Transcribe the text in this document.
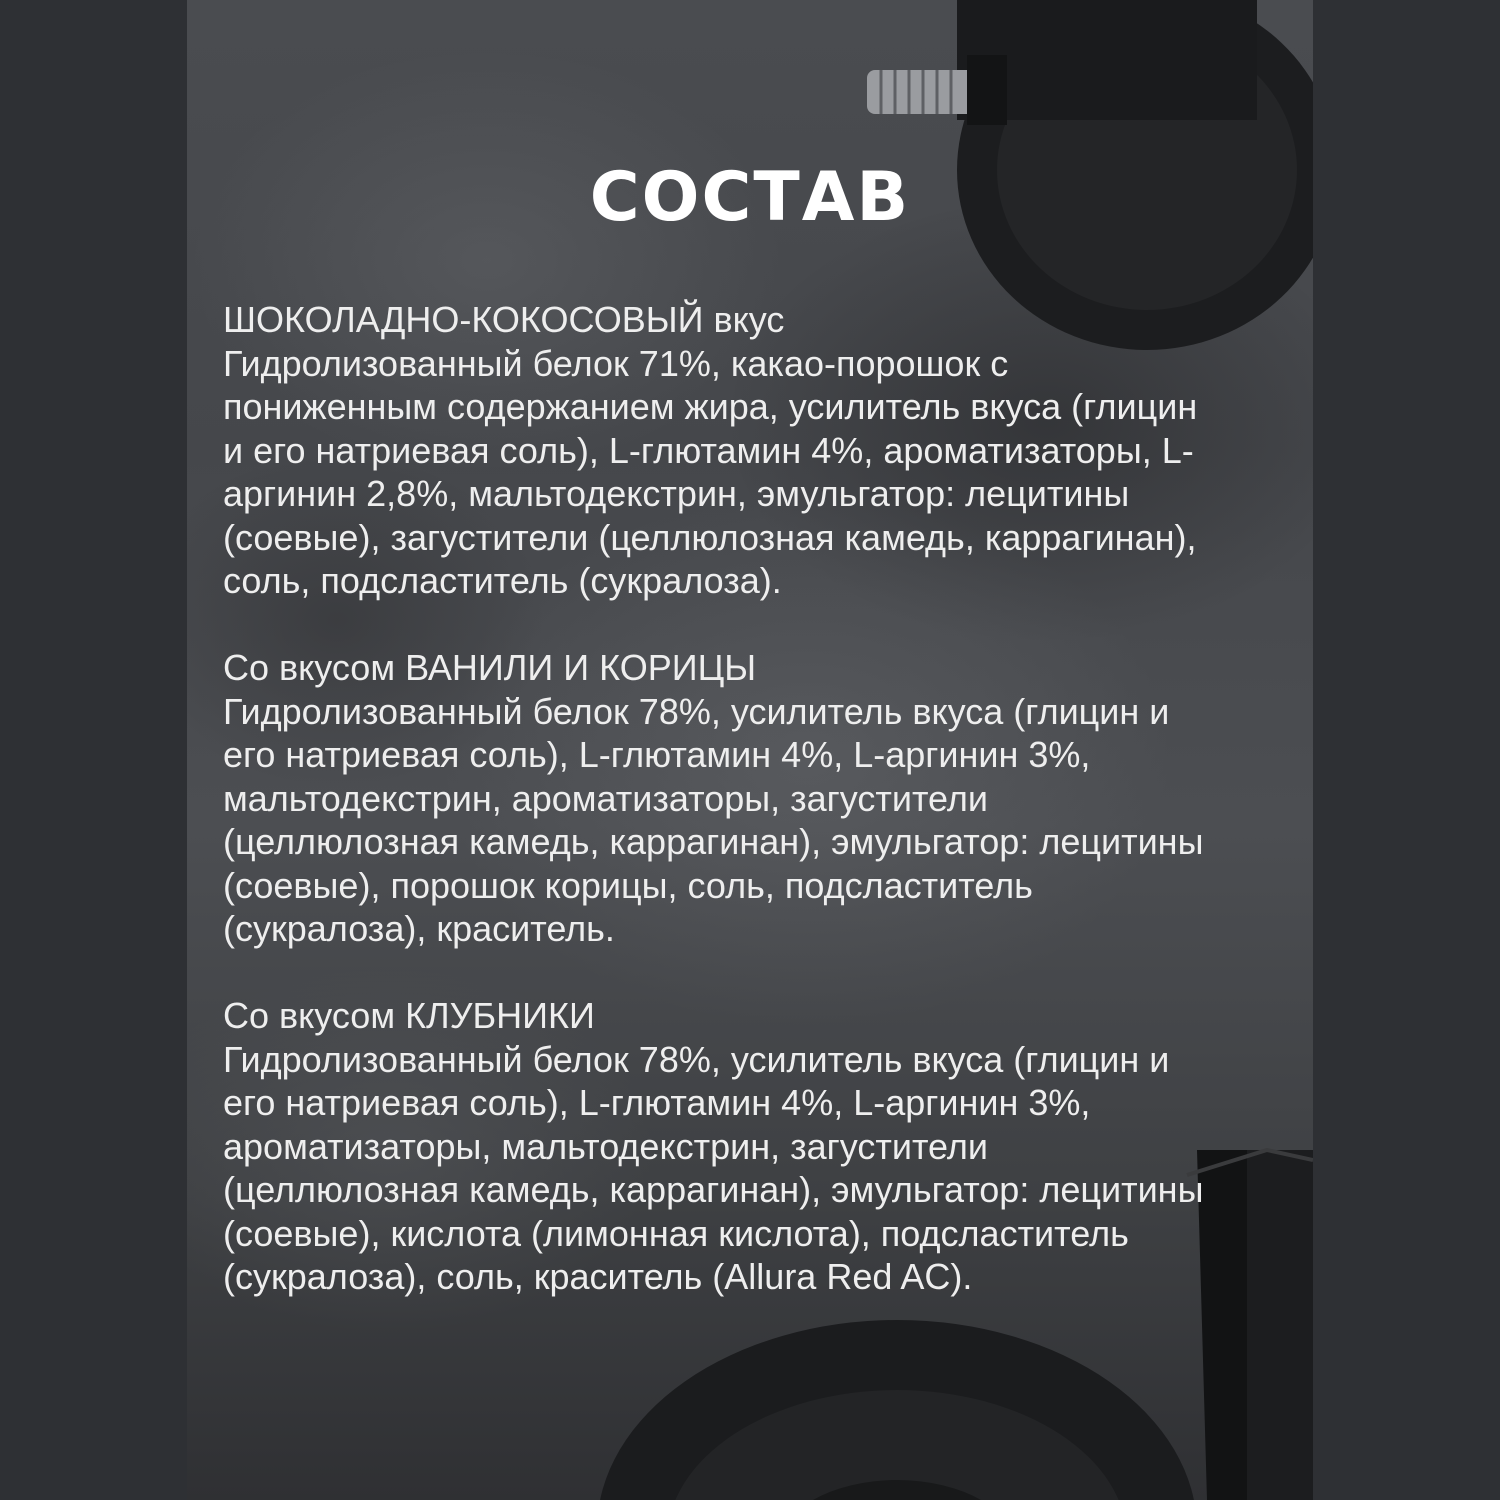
СОСТАВ
ШОКОЛАДНО-КОКОСОВЫЙ вкус

Гидролизованный белок 71%, какао-порошок с пониженным содержанием жира, усилитель вкуса (глицин и его натриевая соль), L-глютамин 4%, ароматизаторы, L-аргинин 2,8%, мальтодекстрин, эмульгатор: лецитины (соевые), загустители (целлюлозная камедь, каррагинан), соль, подсластитель (сукралоза).

Со вкусом ВАНИЛИ И КОРИЦЫ

Гидролизованный белок 78%, усилитель вкуса (глицин и его натриевая соль), L-глютамин 4%, L-аргинин 3%, мальтодекстрин, ароматизаторы, загустители (целлюлозная камедь, каррагинан), эмульгатор: лецитины (соевые), порошок корицы, соль, подсластитель (сукралоза), краситель.

Со вкусом КЛУБНИКИ

Гидролизованный белок 78%, усилитель вкуса (глицин и его натриевая соль), L-глютамин 4%, L-аргинин 3%, ароматизаторы, мальтодекстрин, загустители (целлюлозная камедь, каррагинан), эмульгатор: лецитины (соевые), кислота (лимонная кислота), подсластитель (сукралоза), соль, краситель (Allura Red AC).
